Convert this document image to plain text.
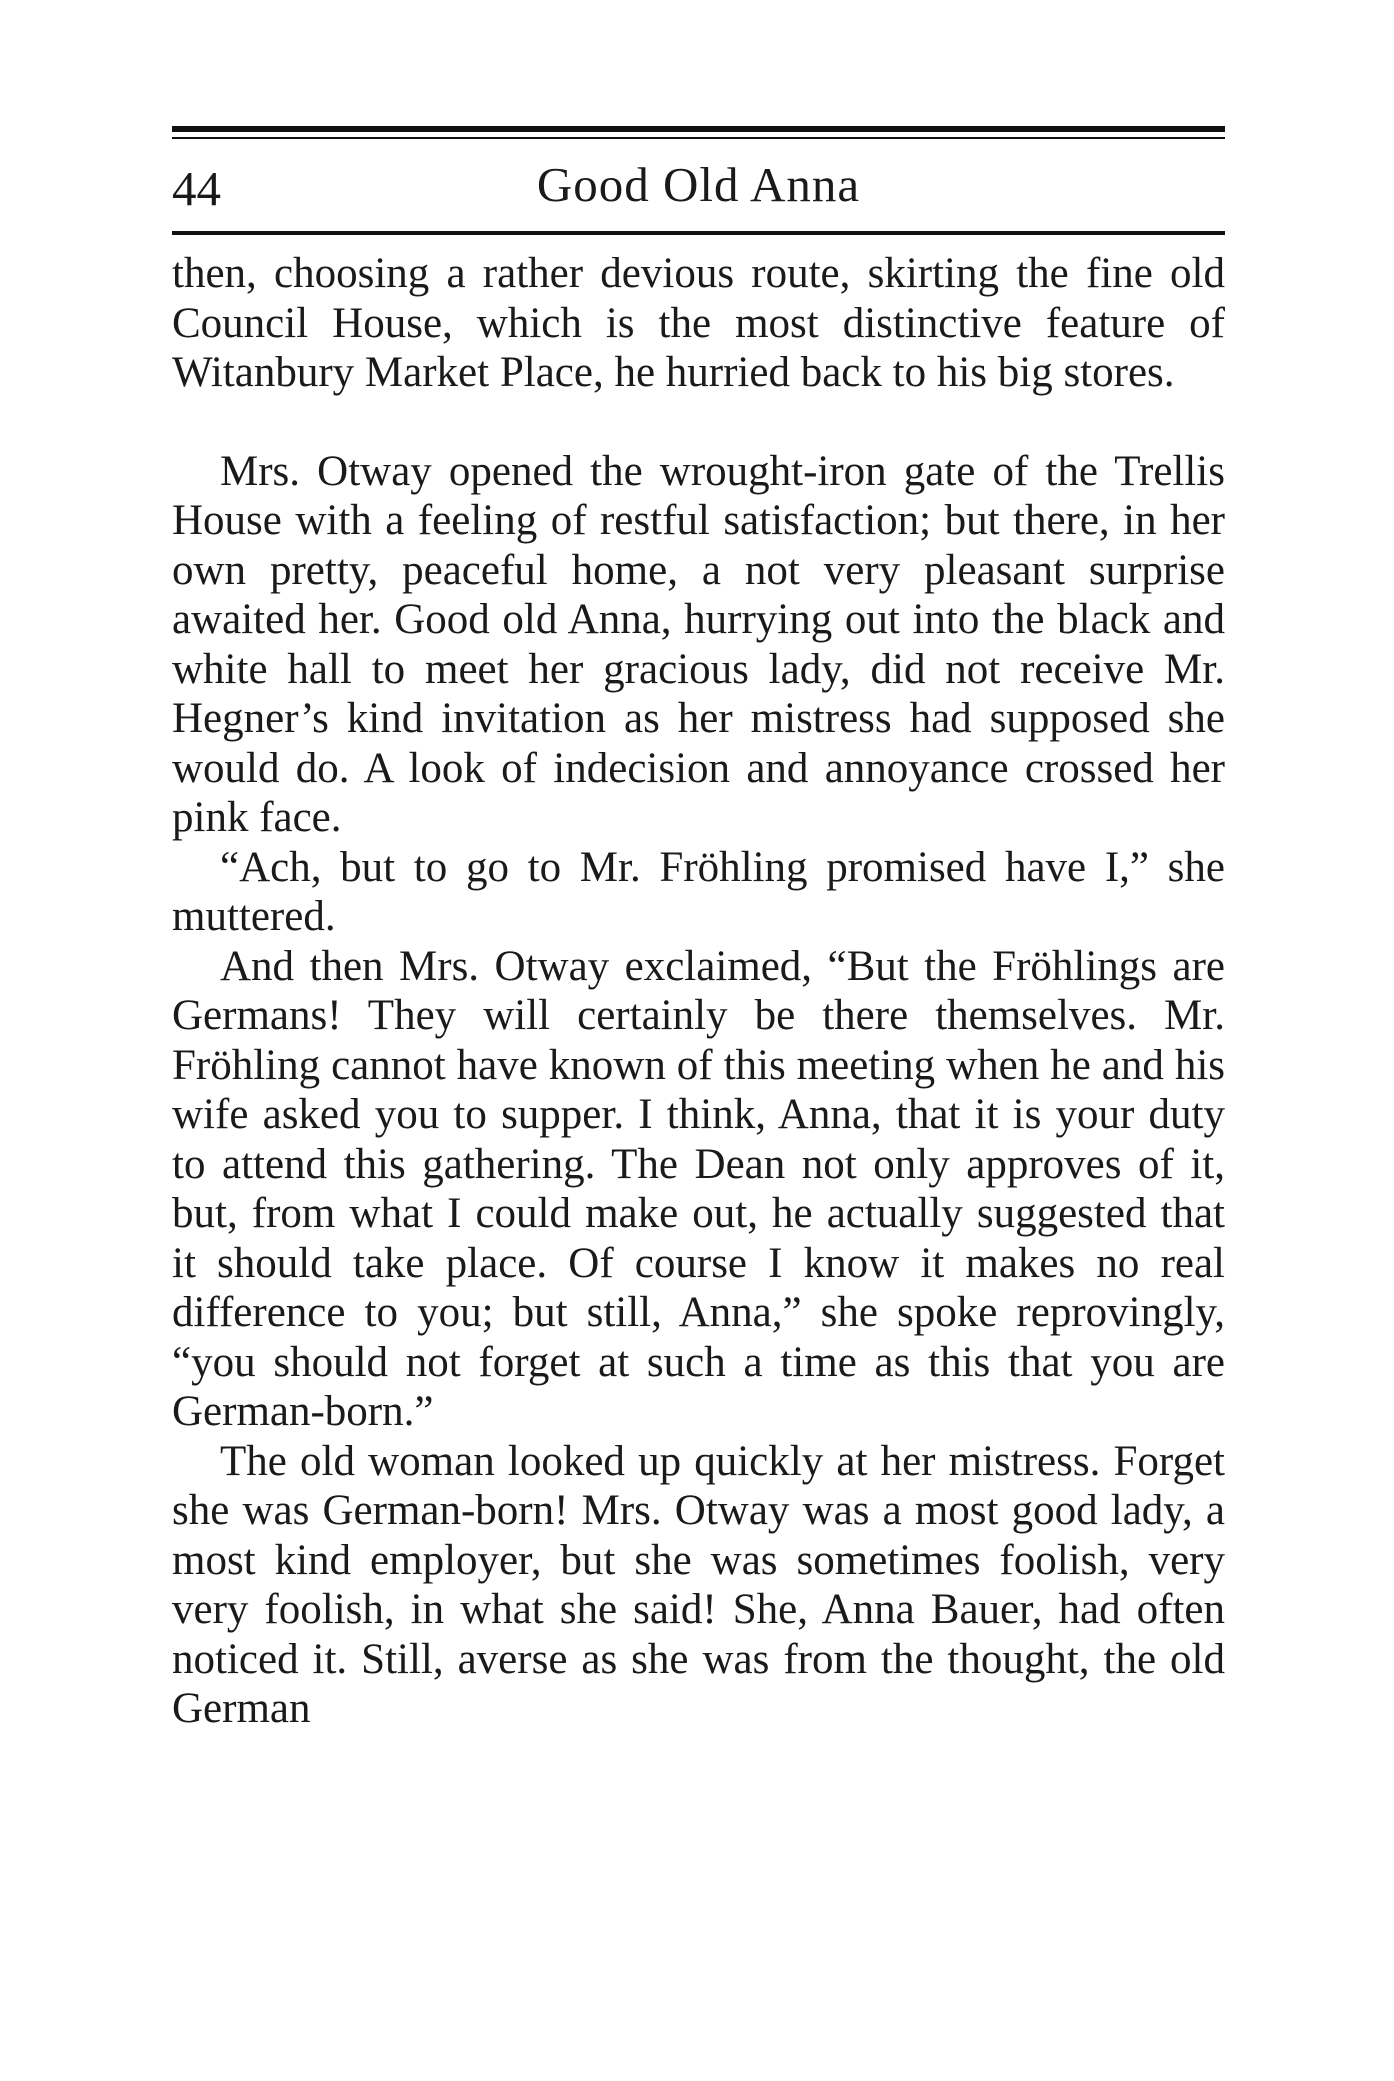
44	Good Old Anna

then, choosing a rather devious route, skirting the fine old Council House, which is the most distinctive feature of Witanbury Market Place, he hurried back to his big stores.

Mrs. Otway opened the wrought-iron gate of the Trellis House with a feeling of restful satisfaction; but there, in her own pretty, peaceful home, a not very pleasant surprise awaited her. Good old Anna, hurrying out into the black and white hall to meet her gracious lady, did not receive Mr. Hegner’s kind invitation as her mistress had supposed she would do. A look of indecision and annoyance crossed her pink face.

“Ach, but to go to Mr. Fröhling promised have I,” she muttered.

And then Mrs. Otway exclaimed, “But the Fröhlings are Germans! They will certainly be there themselves. Mr. Fröhling cannot have known of this meeting when he and his wife asked you to supper. I think, Anna, that it is your duty to attend this gathering. The Dean not only approves of it, but, from what I could make out, he actually suggested that it should take place. Of course I know it makes no real difference to you; but still, Anna,” she spoke reprovingly, “you should not forget at such a time as this that you are German-born.”

The old woman looked up quickly at her mistress. Forget she was German-born! Mrs. Otway was a most good lady, a most kind employer, but she was sometimes foolish, very very foolish, in what she said! She, Anna Bauer, had often noticed it. Still, averse as she was from the thought, the old German
